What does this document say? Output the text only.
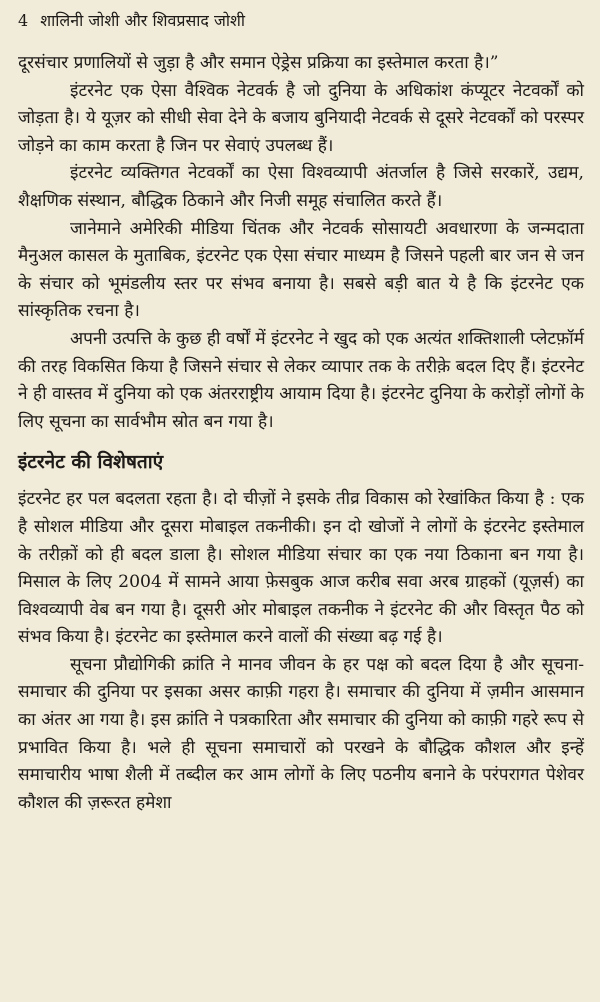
4 शालिनी जोशी और शिवप्रसाद जोशी

दूरसंचार प्रणालियों से जुड़ा है और समान ऐड्रेस प्रक्रिया का इस्तेमाल करता है।”

इंटरनेट एक ऐसा वैश्विक नेटवर्क है जो दुनिया के अधिकांश कंप्यूटर नेटवर्कों को जोड़ता है। ये यूज़र को सीधी सेवा देने के बजाय बुनियादी नेटवर्क से दूसरे नेटवर्कों को परस्पर जोड़ने का काम करता है जिन पर सेवाएं उपलब्ध हैं।

इंटरनेट व्यक्तिगत नेटवर्कों का ऐसा विश्वव्यापी अंतर्जाल है जिसे सरकारें, उद्यम, शैक्षणिक संस्थान, बौद्धिक ठिकाने और निजी समूह संचालित करते हैं।

जानेमाने अमेरिकी मीडिया चिंतक और नेटवर्क सोसायटी अवधारणा के जन्मदाता मैनुअल कासल के मुताबिक, इंटरनेट एक ऐसा संचार माध्यम है जिसने पहली बार जन से जन के संचार को भूमंडलीय स्तर पर संभव बनाया है। सबसे बड़ी बात ये है कि इंटरनेट एक सांस्कृतिक रचना है।

अपनी उत्पत्ति के कुछ ही वर्षों में इंटरनेट ने खुद को एक अत्यंत शक्तिशाली प्लेटफ़ॉर्म की तरह विकसित किया है जिसने संचार से लेकर व्यापार तक के तरीक़े बदल दिए हैं। इंटरनेट ने ही वास्तव में दुनिया को एक अंतरराष्ट्रीय आयाम दिया है। इंटरनेट दुनिया के करोड़ों लोगों के लिए सूचना का सार्वभौम स्रोत बन गया है।

इंटरनेट की विशेषताएं

इंटरनेट हर पल बदलता रहता है। दो चीज़ों ने इसके तीव्र विकास को रेखांकित किया है : एक है सोशल मीडिया और दूसरा मोबाइल तकनीकी। इन दो खोजों ने लोगों के इंटरनेट इस्तेमाल के तरीक़ों को ही बदल डाला है। सोशल मीडिया संचार का एक नया ठिकाना बन गया है। मिसाल के लिए 2004 में सामने आया फ़ेसबुक आज करीब सवा अरब ग्राहकों (यूज़र्स) का विश्वव्यापी वेब बन गया है। दूसरी ओर मोबाइल तकनीक ने इंटरनेट की और विस्तृत पैठ को संभव किया है। इंटरनेट का इस्तेमाल करने वालों की संख्या बढ़ गई है।

सूचना प्रौद्योगिकी क्रांति ने मानव जीवन के हर पक्ष को बदल दिया है और सूचना-समाचार की दुनिया पर इसका असर काफ़ी गहरा है। समाचार की दुनिया में ज़मीन आसमान का अंतर आ गया है। इस क्रांति ने पत्रकारिता और समाचार की दुनिया को काफ़ी गहरे रूप से प्रभावित किया है। भले ही सूचना समाचारों को परखने के बौद्धिक कौशल और इन्हें समाचारीय भाषा शैली में तब्दील कर आम लोगों के लिए पठनीय बनाने के परंपरागत पेशेवर कौशल की ज़रूरत हमेशा
